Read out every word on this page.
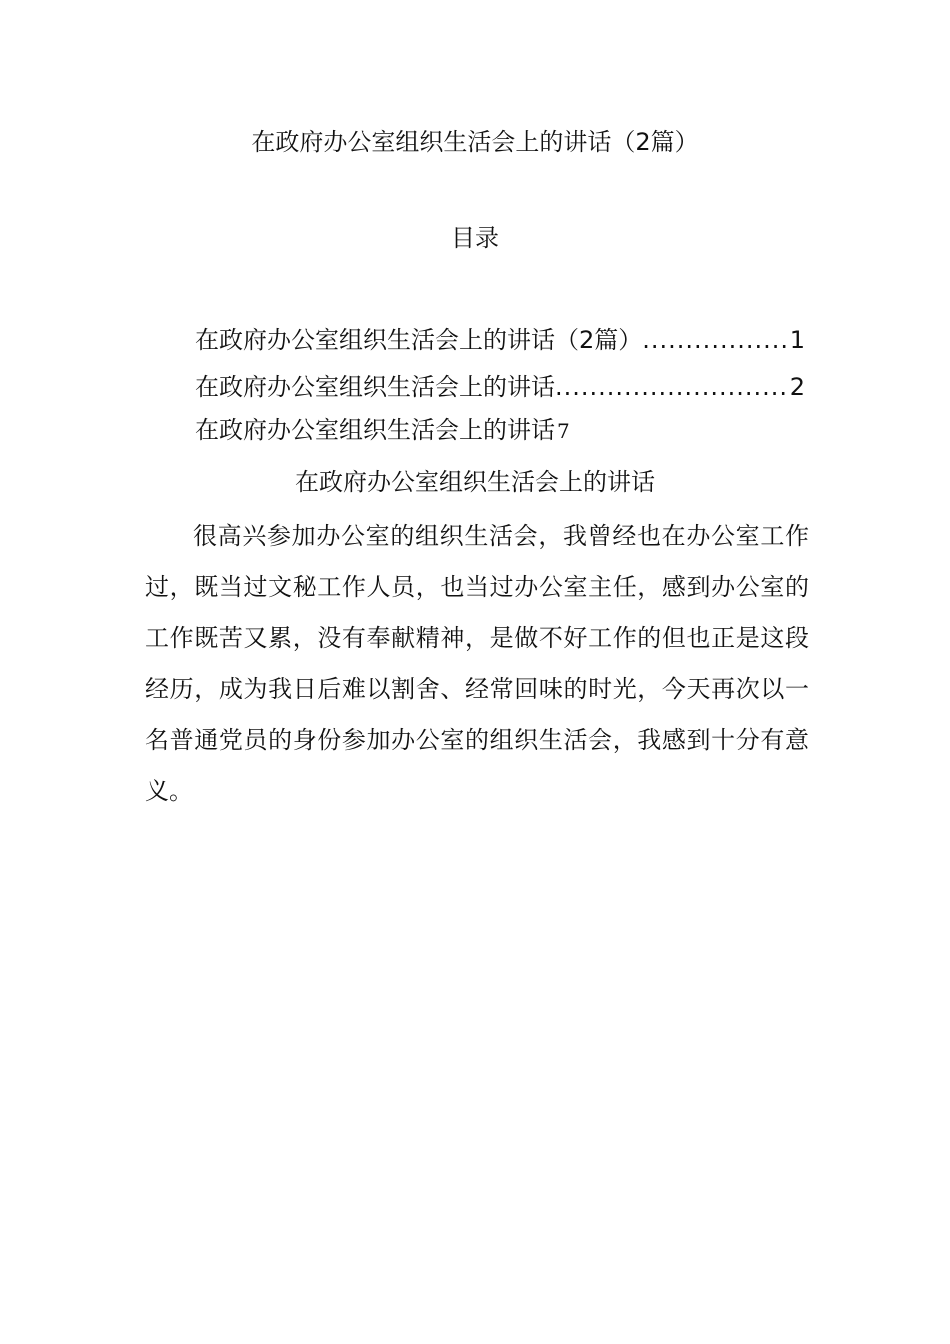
在政府办公室组织生活会上的讲话（2篇）
目录
在政府办公室组织生活会上的讲话（2篇） .....	1
在政府办公室组织生活会上的讲话 .....	2
在政府办公室组织生活会上的讲话 7
在政府办公室组织生活会上的讲话

很高兴参加办公室的组织生活会，我曾经也在办公室工作过，既当过文秘工作人员，也当过办公室主任，感到办公室的工作既苦又累，没有奉献精神，是做不好工作的但也正是这段经历，成为我日后难以割舍、经常回味的时光，今天再次以一名普通党员的身份参加办公室的组织生活会，我感到十分有意义。
